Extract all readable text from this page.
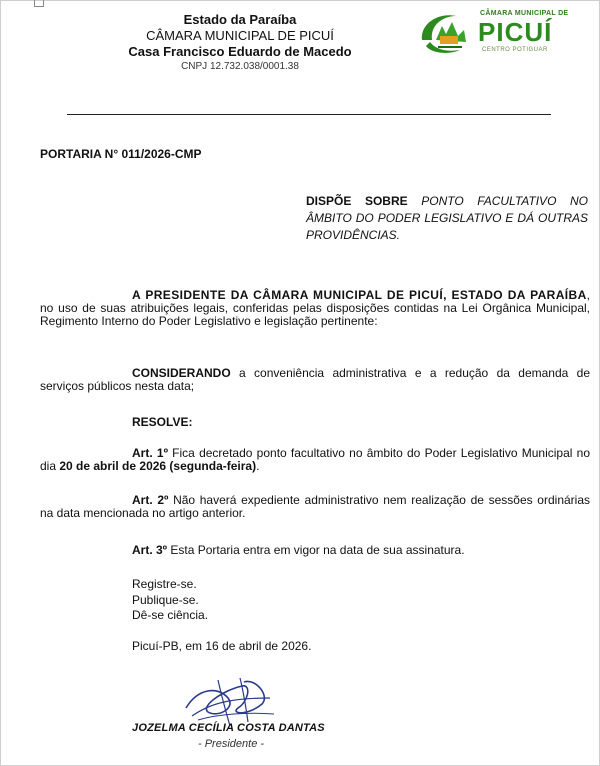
Estado da Paraíba
CÂMARA MUNICIPAL DE PICUÍ
Casa Francisco Eduardo de Macedo
CNPJ 12.732.038/0001.38
CÂMARA MUNICIPAL DE
PICUÍ
CENTRO POTIGUAR
PORTARIA N° 011/2026-CMP
DISPÕE SOBRE PONTO FACULTATIVO NO ÂMBITO DO PODER LEGISLATIVO E DÁ OUTRAS PROVIDÊNCIAS.
A PRESIDENTE DA CÂMARA MUNICIPAL DE PICUÍ, ESTADO DA PARAÍBA, no uso de suas atribuições legais, conferidas pelas disposições contidas na Lei Orgânica Municipal, Regimento Interno do Poder Legislativo e legislação pertinente:
CONSIDERANDO a conveniência administrativa e a redução da demanda de serviços públicos nesta data;
RESOLVE:
Art. 1º Fica decretado ponto facultativo no âmbito do Poder Legislativo Municipal no dia 20 de abril de 2026 (segunda-feira).
Art. 2º Não haverá expediente administrativo nem realização de sessões ordinárias na data mencionada no artigo anterior.
Art. 3º Esta Portaria entra em vigor na data de sua assinatura.
Registre-se.
Publique-se.
Dê-se ciência.
Picuí-PB, em 16 de abril de 2026.
JOZELMA CECÍLIA COSTA DANTAS
- Presidente -
